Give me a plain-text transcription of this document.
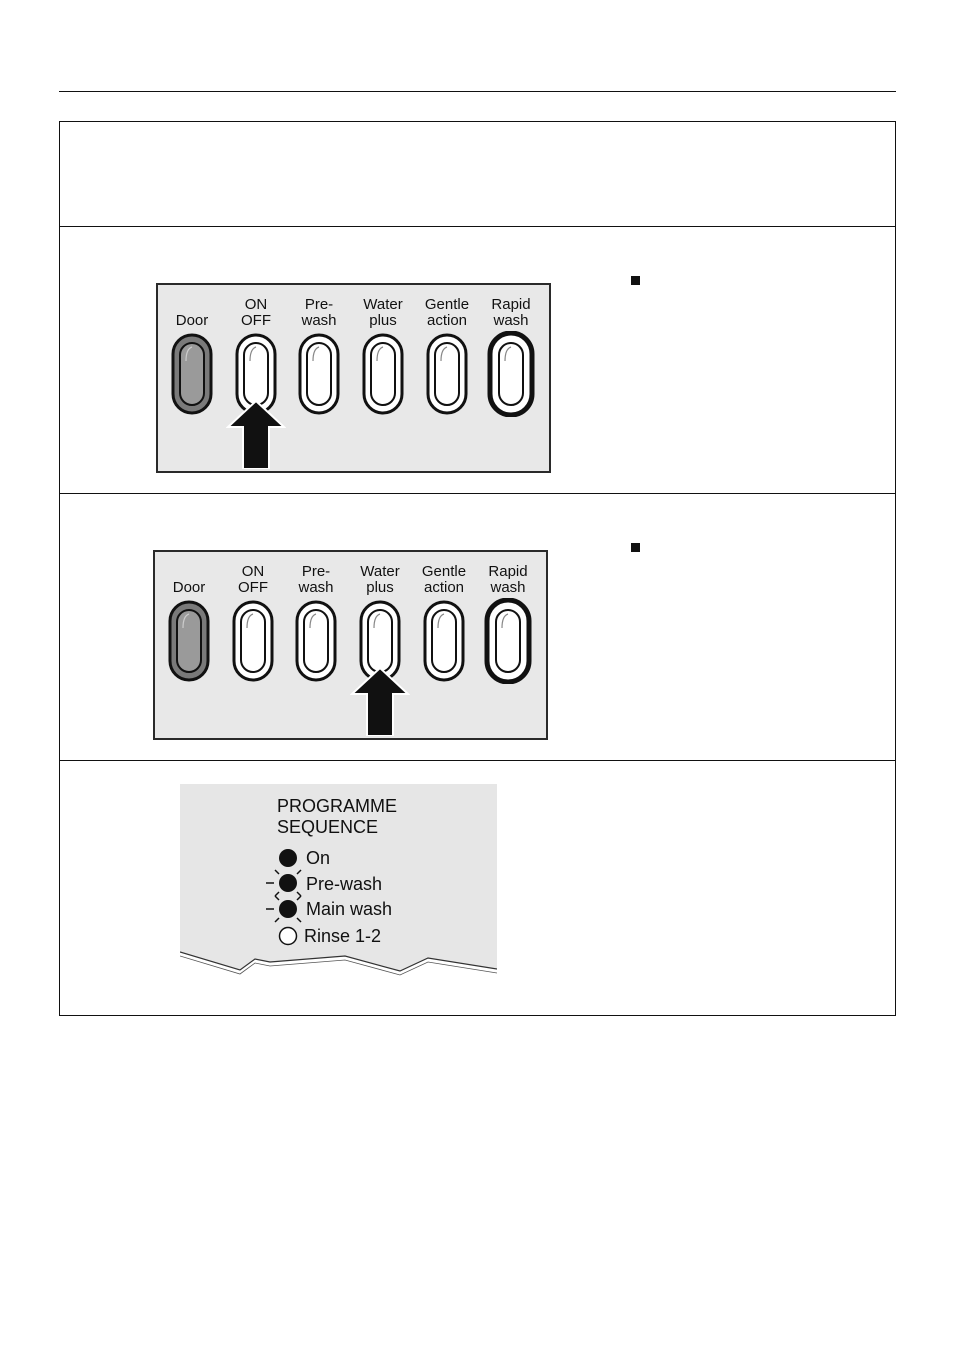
Door
ON
OFF
Pre-
wash
Water
plus
Gentle
action
Rapid
wash
Door
ON
OFF
Pre-
wash
Water
plus
Gentle
action
Rapid
wash
PROGRAMME
SEQUENCE
On
Pre-wash
Main wash
Rinse 1-2
